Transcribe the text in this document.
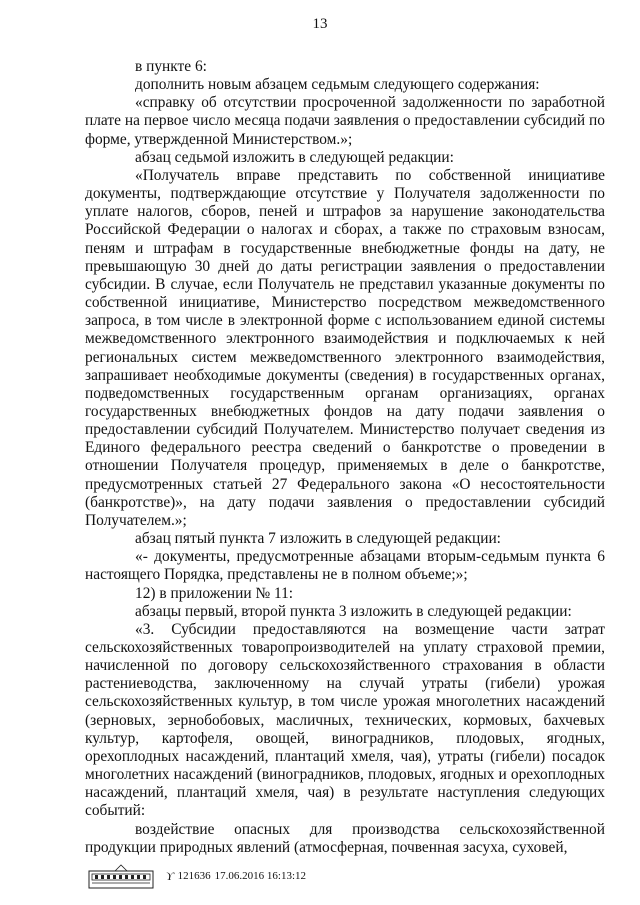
13

в пункте 6:

дополнить новым абзацем седьмым следующего содержания:

«справку об отсутствии просроченной задолженности по заработной плате на первое число месяца подачи заявления о предоставлении субсидий по форме, утвержденной Министерством.»;

абзац седьмой изложить в следующей редакции:

«Получатель вправе представить по собственной инициативе документы, подтверждающие отсутствие у Получателя задолженности по уплате налогов, сборов, пеней и штрафов за нарушение законодательства Российской Федерации о налогах и сборах, а также по страховым взносам, пеням и штрафам в государственные внебюджетные фонды на дату, не превышающую 30 дней до даты регистрации заявления о предоставлении субсидии. В случае, если Получатель не представил указанные документы по собственной инициативе, Министерство посредством межведомственного запроса, в том числе в электронной форме с использованием единой системы межведомственного электронного взаимодействия и подключаемых к ней региональных систем межведомственного электронного взаимодействия, запрашивает необходимые документы (сведения) в государственных органах, подведомственных государственным органам организациях, органах государственных внебюджетных фондов на дату подачи заявления о предоставлении субсидий Получателем. Министерство получает сведения из Единого федерального реестра сведений о банкротстве о проведении в отношении Получателя процедур, применяемых в деле о банкротстве, предусмотренных статьей 27 Федерального закона «О несостоятельности (банкротстве)», на дату подачи заявления о предоставлении субсидий Получателем.»;

абзац пятый пункта 7 изложить в следующей редакции:

«- документы, предусмотренные абзацами вторым-седьмым пункта 6 настоящего Порядка, представлены не в полном объеме;»;

12) в приложении № 11:

абзацы первый, второй пункта 3 изложить в следующей редакции:

«3. Субсидии предоставляются на возмещение части затрат сельскохозяйственных товаропроизводителей на уплату страховой премии, начисленной по договору сельскохозяйственного страхования в области растениеводства, заключенному на случай утраты (гибели) урожая сельскохозяйственных культур, в том числе урожая многолетних насаждений (зерновых, зернобобовых, масличных, технических, кормовых, бахчевых культур, картофеля, овощей, виноградников, плодовых, ягодных, орехоплодных насаждений, плантаций хмеля, чая), утраты (гибели) посадок многолетних насаждений (виноградников, плодовых, ягодных и орехоплодных насаждений, плантаций хмеля, чая) в результате наступления следующих событий:

воздействие опасных для производства сельскохозяйственной продукции природных явлений (атмосферная, почвенная засуха, суховей,

ϒ 121636 17.06.2016 16:13:12
